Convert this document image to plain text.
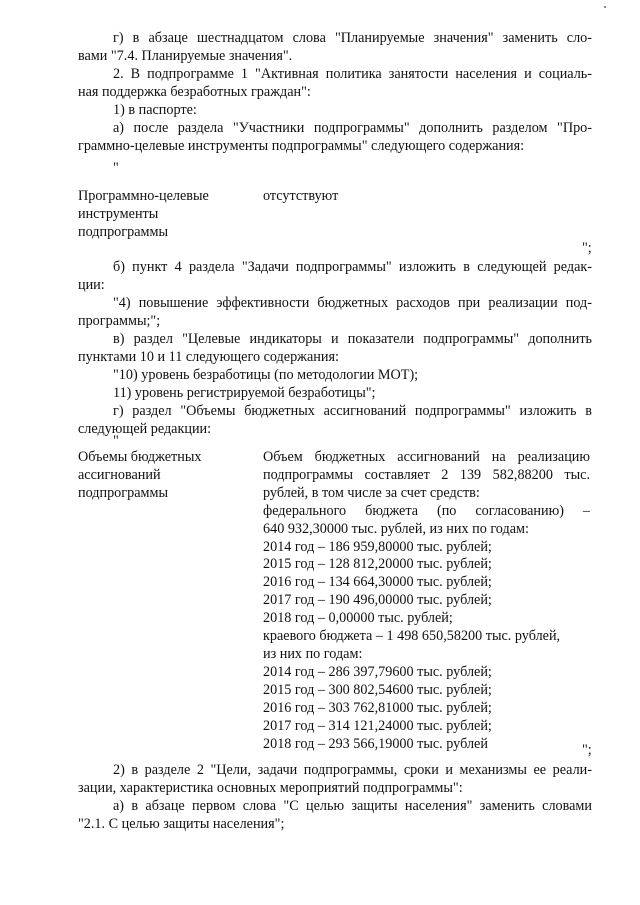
г) в абзаце шестнадцатом слова "Планируемые значения" заменить сло-
вами "7.4. Планируемые значения".
2. В подпрограмме 1 "Активная политика занятости населения и социаль-
ная поддержка безработных граждан":
1) в паспорте:
а) после раздела "Участники подпрограммы" дополнить разделом "Про-
граммно-целевые инструменты подпрограммы" следующего содержания:
"
Программно-целевые
инструменты
подпрограммы
отсутствуют
";
б) пункт 4 раздела "Задачи подпрограммы" изложить в следующей редак-
ции:
"4) повышение эффективности бюджетных расходов при реализации под-
программы;";
в) раздел "Целевые индикаторы и показатели подпрограммы" дополнить
пунктами 10 и 11 следующего содержания:
"10) уровень безработицы (по методологии МОТ);
11) уровень регистрируемой безработицы";
г) раздел "Объемы бюджетных ассигнований подпрограммы" изложить в
следующей редакции:
"
Объемы бюджетных
ассигнований
подпрограммы
Объем бюджетных ассигнований на реализацию
подпрограммы составляет 2 139 582,88200 тыс.
рублей, в том числе за счет средств:
федерального бюджета (по согласованию) –
640 932,30000 тыс. рублей, из них по годам:
2014 год – 186 959,80000 тыс. рублей;
2015 год – 128 812,20000 тыс. рублей;
2016 год – 134 664,30000 тыс. рублей;
2017 год – 190 496,00000 тыс. рублей;
2018 год – 0,00000 тыс. рублей;
краевого бюджета – 1 498 650,58200 тыс. рублей,
из них по годам:
2014 год – 286 397,79600 тыс. рублей;
2015 год – 300 802,54600 тыс. рублей;
2016 год – 303 762,81000 тыс. рублей;
2017 год – 314 121,24000 тыс. рублей;
2018 год – 293 566,19000 тыс. рублей	";
2) в разделе 2 "Цели, задачи подпрограммы, сроки и механизмы ее реали-
зации, характеристика основных мероприятий подпрограммы":
а) в абзаце первом слова "С целью защиты населения" заменить словами
"2.1. С целью защиты населения";
